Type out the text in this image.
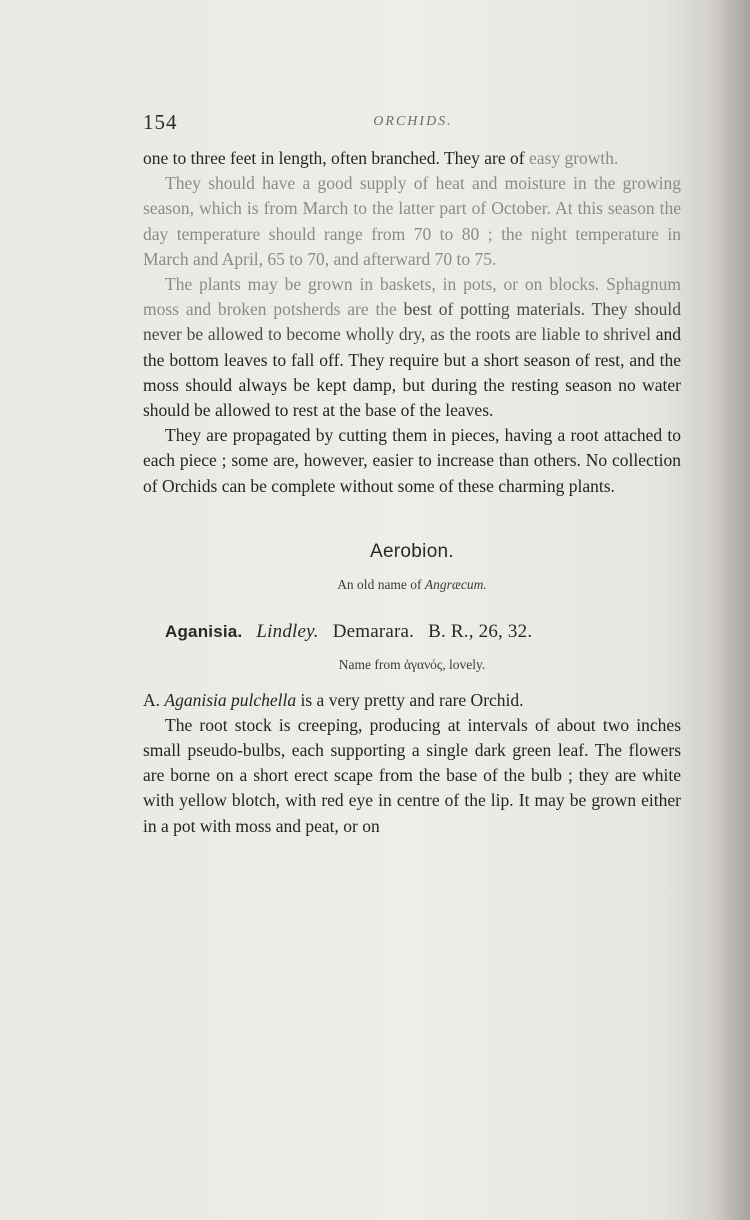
154	ORCHIDS.

one to three feet in length, often branched. They are of easy growth.

They should have a good supply of heat and moisture in the growing season, which is from March to the latter part of October. At this season the day temperature should range from 70 to 80 ; the night temperature in March and April, 65 to 70, and afterward 70 to 75.

The plants may be grown in baskets, in pots, or on blocks. Sphagnum moss and broken potsherds are the best of potting materials. They should never be allowed to become wholly dry, as the roots are liable to shrivel and the bottom leaves to fall off. They require but a short season of rest, and the moss should always be kept damp, but during the resting season no water should be allowed to rest at the base of the leaves.

They are propagated by cutting them in pieces, having a root attached to each piece ; some are, however, easier to increase than others. No collection of Orchids can be complete without some of these charming plants.

Aerobion.
An old name of Angræcum.
Aganisia. Lindley. Demarara. B. R., 26, 32.
Name from ἀγανός, lovely.

A. Aganisia pulchella is a very pretty and rare Orchid.

The root stock is creeping, producing at intervals of about two inches small pseudo-bulbs, each supporting a single dark green leaf. The flowers are borne on a short erect scape from the base of the bulb ; they are white with yellow blotch, with red eye in centre of the lip. It may be grown either in a pot with moss and peat, or on
